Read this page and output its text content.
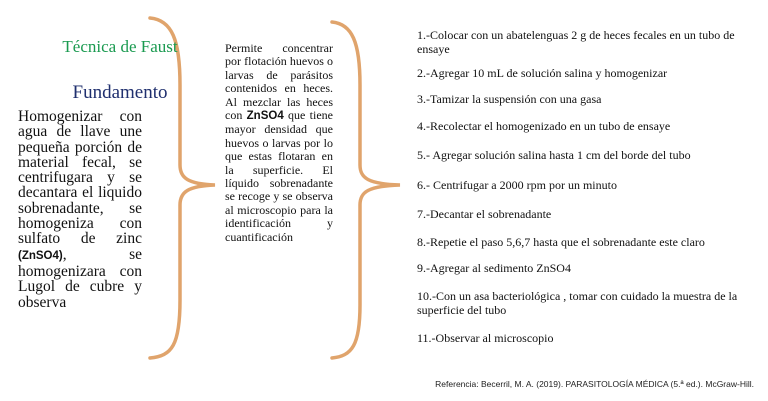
Técnica de Faust
Fundamento
Homogenizar con agua de llave une pequeña porción de material fecal, se centrifugara y se decantara el liquido sobrenadante, se homogeniza con sulfato de zinc (ZnSO4), se homogenizara con Lugol de cubre y observa
Permite concentrar por flotación huevos o larvas de parásitos contenidos en heces. Al mezclar las heces con ZnSO4 que tiene mayor densidad que huevos o larvas por lo que estas flotaran en la superficie. El líquido sobrenadante se recoge y se observa al microscopio para la identificación y cuantificación
1.-Colocar con un abatelenguas 2 g de heces fecales en un tubo de ensaye
2.-Agregar 10 mL de solución salina y homogenizar
3.-Tamizar la suspensión con una gasa
4.-Recolectar el homogenizado en un tubo de ensaye
5.- Agregar solución salina hasta 1 cm del borde del tubo
6.- Centrifugar a 2000 rpm por un minuto
7.-Decantar el sobrenadante
8.-Repetie el paso 5,6,7 hasta que el sobrenadante este claro
9.-Agregar al sedimento ZnSO4
10.-Con un asa bacteriológica , tomar con cuidado la muestra de la superficie del tubo
11.-Observar al microscopio
Referencia: Becerril, M. A. (2019). PARASITOLOGÍA MÉDICA (5.ª ed.). McGraw-Hill.
